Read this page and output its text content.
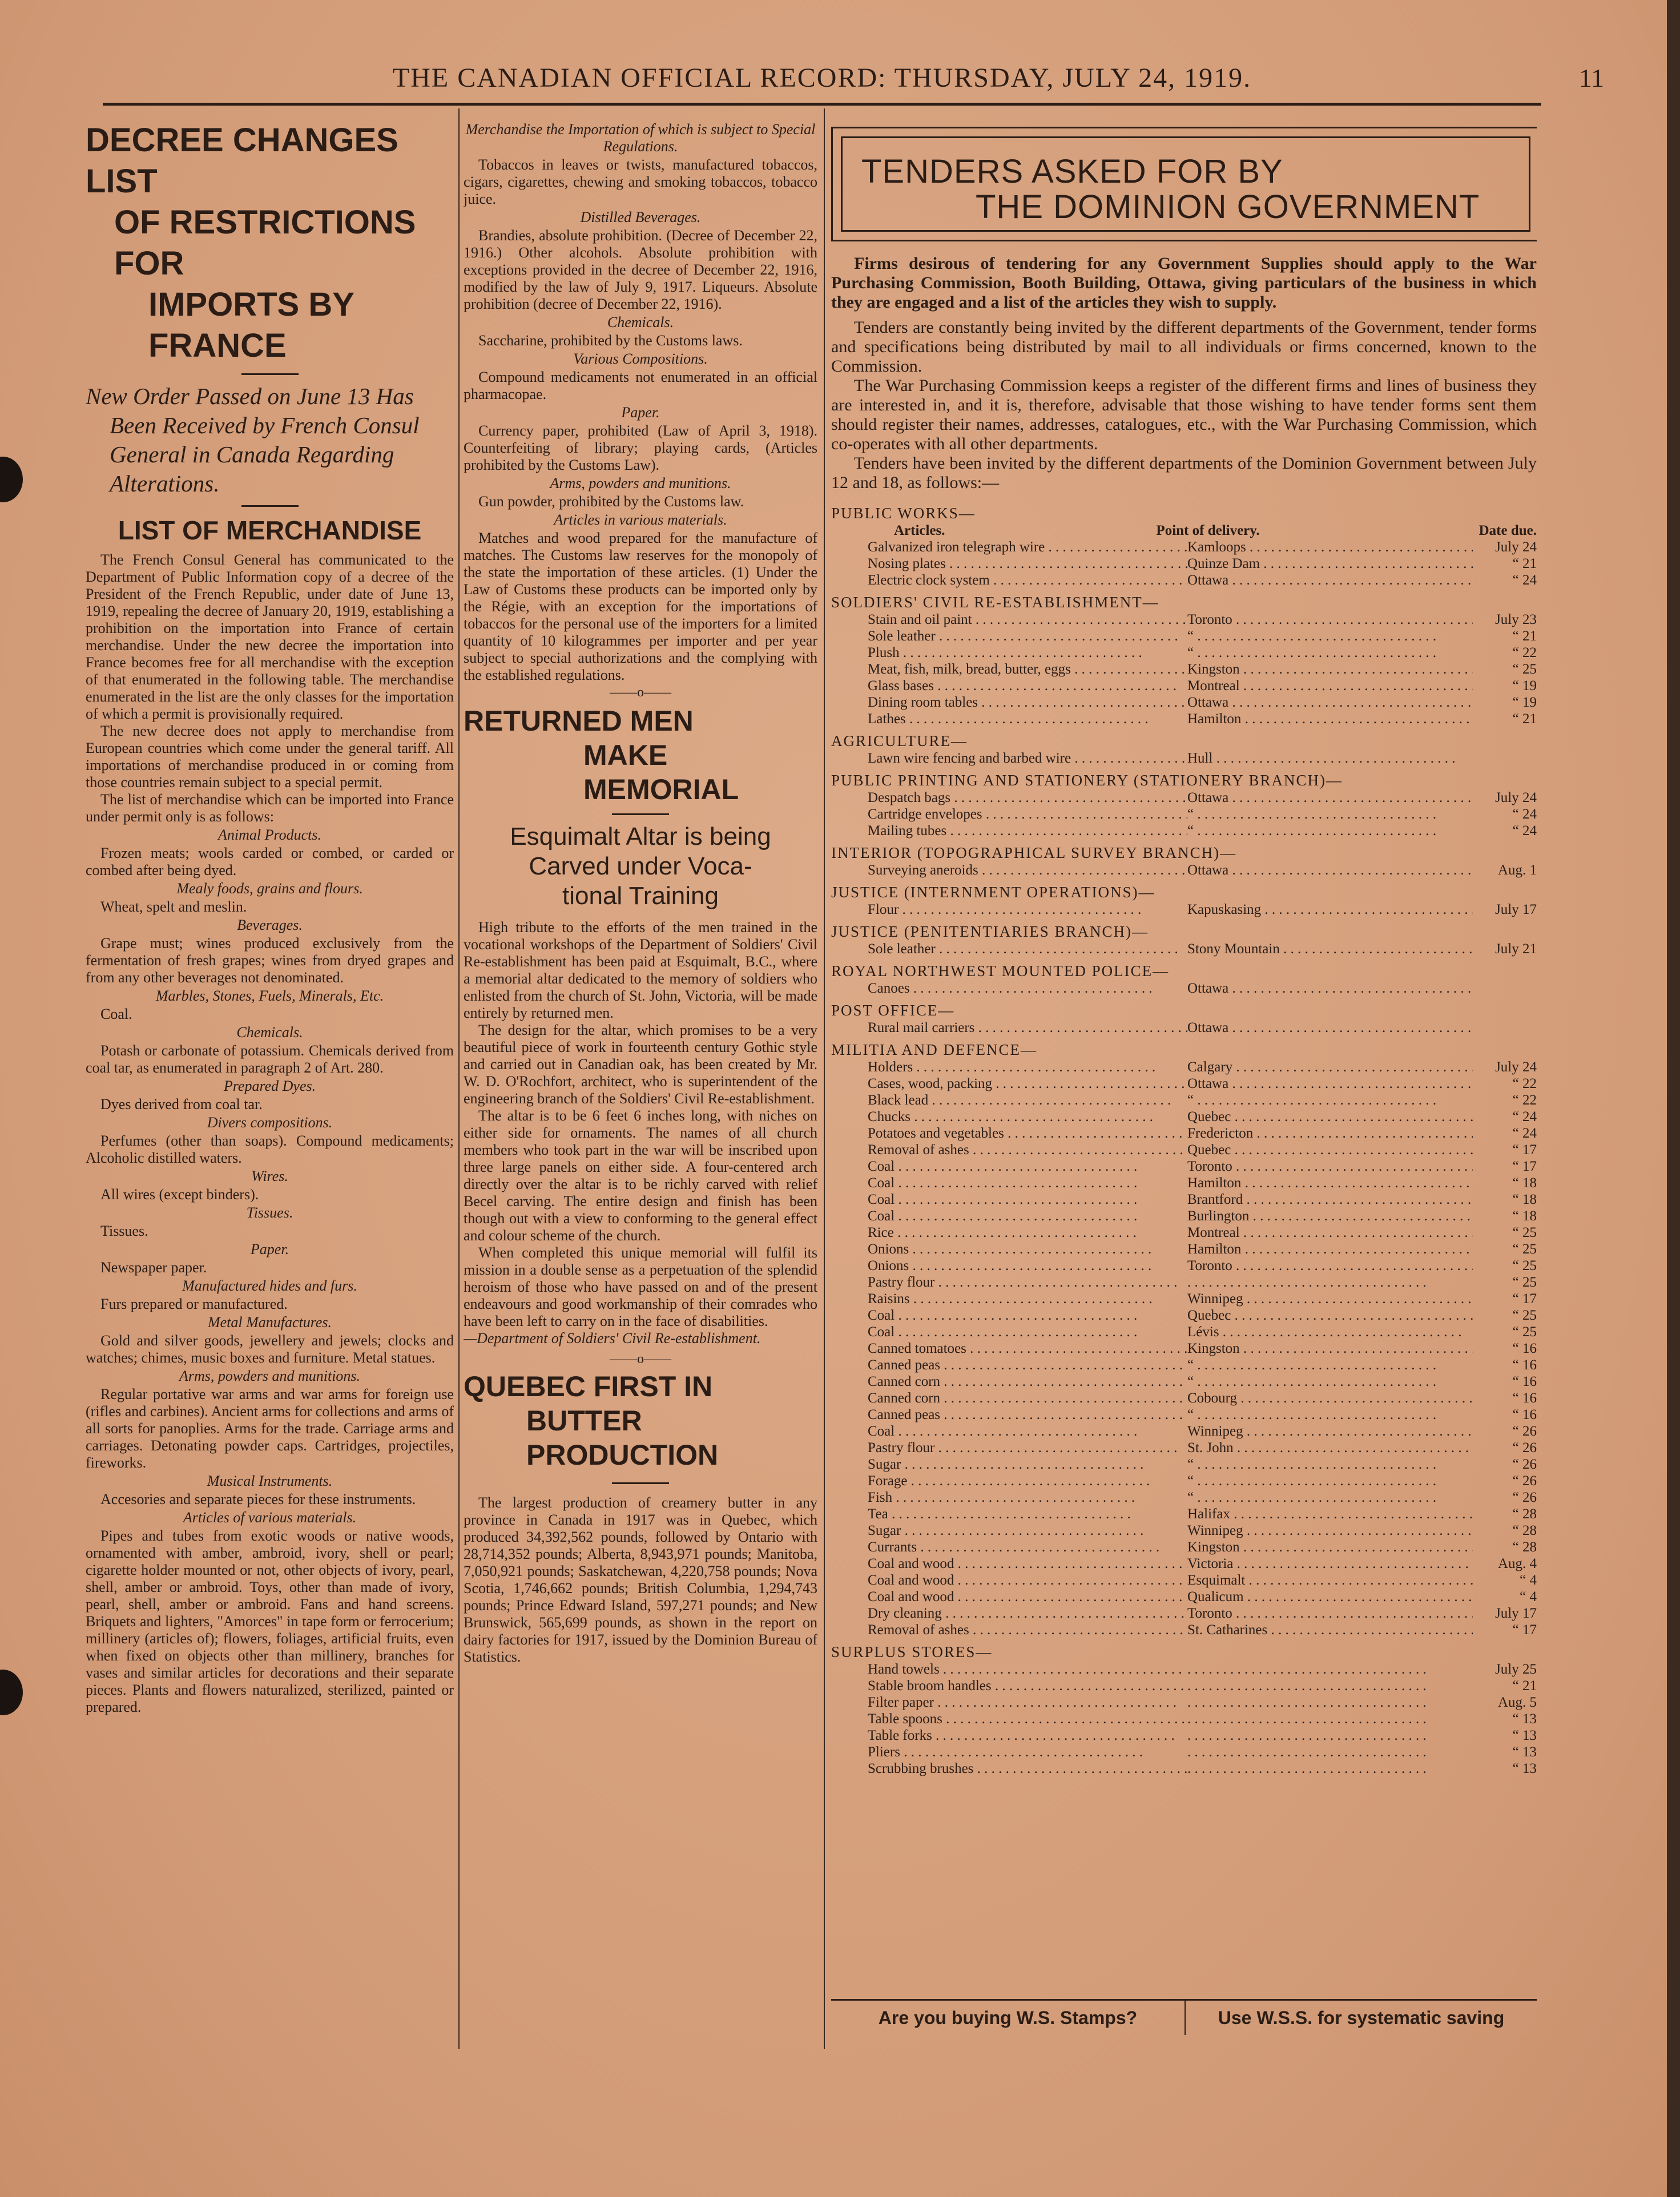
THE CANADIAN OFFICIAL RECORD: THURSDAY, JULY 24, 1919.	11
DECREE CHANGES LIST
OF RESTRICTIONS FOR
IMPORTS BY FRANCE
New Order Passed on June 13 Has Been Received by French Consul General in Canada Regarding Alterations.
LIST OF MERCHANDISE
The French Consul General has communicated to the Department of Public Information copy of a decree of the President of the French Republic, under date of June 13, 1919, repealing the decree of January 20, 1919, establishing a prohibition on the importation into France of certain merchandise. Under the new decree the importation into France becomes free for all merchandise with the exception of that enumerated in the following table. The merchandise enumerated in the list are the only classes for the importation of which a permit is provisionally required.
The new decree does not apply to merchandise from European countries which come under the general tariff. All importations of merchandise produced in or coming from those countries remain subject to a special permit.
The list of merchandise which can be imported into France under permit only is as follows:
Animal Products.
Frozen meats; wools carded or combed, or carded or combed after being dyed.
Mealy foods, grains and flours.
Wheat, spelt and meslin.
Beverages.
Grape must; wines produced exclusively from the fermentation of fresh grapes; wines from dryed grapes and from any other beverages not denominated.
Marbles, Stones, Fuels, Minerals, Etc.
Coal.
Chemicals.
Potash or carbonate of potassium. Chemicals derived from coal tar, as enumerated in paragraph 2 of Art. 280.
Prepared Dyes.
Dyes derived from coal tar.
Divers compositions.
Perfumes (other than soaps). Compound medicaments; Alcoholic distilled waters.
Wires.
All wires (except binders).
Tissues.
Tissues.
Paper.
Newspaper paper.
Manufactured hides and furs.
Furs prepared or manufactured.
Metal Manufactures.
Gold and silver goods, jewellery and jewels; clocks and watches; chimes, music boxes and furniture. Metal statues.
Arms, powders and munitions.
Regular portative war arms and war arms for foreign use (rifles and carbines). Ancient arms for collections and arms of all sorts for panoplies. Arms for the trade. Carriage arms and carriages. Detonating powder caps. Cartridges, projectiles, fireworks.
Musical Instruments.
Accesories and separate pieces for these instruments.
Articles of various materials.
Pipes and tubes from exotic woods or native woods, ornamented with amber, ambroid, ivory, shell or pearl; cigarette holder mounted or not, other objects of ivory, pearl, shell, amber or ambroid. Toys, other than made of ivory, pearl, shell, amber or ambroid. Fans and hand screens. Briquets and lighters, "Amorces" in tape form or ferrocerium; millinery (articles of); flowers, foliages, artificial fruits, even when fixed on objects other than millinery, branches for vases and similar articles for decorations and their separate pieces. Plants and flowers naturalized, sterilized, painted or prepared.
Merchandise the Importation of which is subject to Special Regulations.
Tobaccos in leaves or twists, manufactured tobaccos, cigars, cigarettes, chewing and smoking tobaccos, tobacco juice.
Distilled Beverages.
Brandies, absolute prohibition. (Decree of December 22, 1916.) Other alcohols. Absolute prohibition with exceptions provided in the decree of December 22, 1916, modified by the law of July 9, 1917. Liqueurs. Absolute prohibition (decree of December 22, 1916).
Chemicals.
Saccharine, prohibited by the Customs laws.
Various Compositions.
Compound medicaments not enumerated in an official pharmacopae.
Paper.
Currency paper, prohibited (Law of April 3, 1918). Counterfeiting of library; playing cards, (Articles prohibited by the Customs Law).
Arms, powders and munitions.
Gun powder, prohibited by the Customs law.
Articles in various materials.
Matches and wood prepared for the manufacture of matches. The Customs law reserves for the monopoly of the state the importation of these articles. (1) Under the Law of Customs these products can be imported only by the Régie, with an exception for the importations of tobaccos for the personal use of the importers for a limited quantity of 10 kilogrammes per importer and per year subject to special authorizations and the complying with the established regulations.
——o——
RETURNED MEN
MAKE MEMORIAL
Esquimalt Altar is being
Carved under Voca-
tional Training
High tribute to the efforts of the men trained in the vocational workshops of the Department of Soldiers' Civil Re-establishment has been paid at Esquimalt, B.C., where a memorial altar dedicated to the memory of soldiers who enlisted from the church of St. John, Victoria, will be made entirely by returned men.
The design for the altar, which promises to be a very beautiful piece of work in fourteenth century Gothic style and carried out in Canadian oak, has been created by Mr. W. D. O'Rochfort, architect, who is superintendent of the engineering branch of the Soldiers' Civil Re-establishment.
The altar is to be 6 feet 6 inches long, with niches on either side for ornaments. The names of all church members who took part in the war will be inscribed upon three large panels on either side. A four-centered arch directly over the altar is to be richly carved with relief Becel carving. The entire design and finish has been though out with a view to conforming to the general effect and colour scheme of the church.
When completed this unique memorial will fulfil its mission in a double sense as a perpetuation of the splendid heroism of those who have passed on and of the present endeavours and good workmanship of their comrades who have been left to carry on in the face of disabilities.
—Department of Soldiers' Civil Re-establishment.
——o——
QUEBEC FIRST IN
BUTTER PRODUCTION
The largest production of creamery butter in any province in Canada in 1917 was in Quebec, which produced 34,392,562 pounds, followed by Ontario with 28,714,352 pounds; Alberta, 8,943,971 pounds; Manitoba, 7,050,921 pounds; Saskatchewan, 4,220,758 pounds; Nova Scotia, 1,746,662 pounds; British Columbia, 1,294,743 pounds; Prince Edward Island, 597,271 pounds; and New Brunswick, 565,699 pounds, as shown in the report on dairy factories for 1917, issued by the Dominion Bureau of Statistics.
TENDERS ASKED FOR BY
THE DOMINION GOVERNMENT
Firms desirous of tendering for any Government Supplies should apply to the War Purchasing Commission, Booth Building, Ottawa, giving particulars of the business in which they are engaged and a list of the articles they wish to supply.
Tenders are constantly being invited by the different departments of the Government, tender forms and specifications being distributed by mail to all individuals or firms concerned, known to the Commission.
The War Purchasing Commission keeps a register of the different firms and lines of business they are interested in, and it is, therefore, advisable that those wishing to have tender forms sent them should register their names, addresses, catalogues, etc., with the War Purchasing Commission, which co-operates with all other departments.
Tenders have been invited by the different departments of the Dominion Government between July 12 and 18, as follows:—
PUBLIC WORKS—
Articles.	Point of delivery.	Date due.
Galvanized iron telegraph wire . . .	Kamloops . . .	July 24
Nosing plates . . .	Quinze Dam . . .	“ 21
Electric clock system . . .	Ottawa . . .	“ 24
SOLDIERS' CIVIL RE-ESTABLISHMENT—
Stain and oil paint . . .	Toronto . . .	July 23
Sole leather . . .	“ . . .	“ 21
Plush . . .	“ . . .	“ 22
Meat, fish, milk, bread, butter, eggs . . .	Kingston . . .	“ 25
Glass bases . . .	Montreal . . .	“ 19
Dining room tables . . .	Ottawa . . .	“ 19
Lathes . . .	Hamilton . . .	“ 21
AGRICULTURE—
Lawn wire fencing and barbed wire . . .	Hull . . .
PUBLIC PRINTING AND STATIONERY (STATIONERY BRANCH)—
Despatch bags . . .	Ottawa . . .	July 24
Cartridge envelopes . . .	“ . . .	“ 24
Mailing tubes . . .	“ . . .	“ 24
INTERIOR (TOPOGRAPHICAL SURVEY BRANCH)—
Surveying aneroids . . .	Ottawa . . .	Aug. 1
JUSTICE (INTERNMENT OPERATIONS)—
Flour . . .	Kapuskasing . . .	July 17
JUSTICE (PENITENTIARIES BRANCH)—
Sole leather . . .	Stony Mountain . . .	July 21
ROYAL NORTHWEST MOUNTED POLICE—
Canoes . . .	Ottawa . . .
POST OFFICE—
Rural mail carriers . . .	Ottawa . . .
MILITIA AND DEFENCE—
Holders . . .	Calgary . . .	July 24
Cases, wood, packing . . .	Ottawa . . .	“ 22
Black lead . . .	“ . . .	“ 22
Chucks . . .	Quebec . . .	“ 24
Potatoes and vegetables . . .	Fredericton . . .	“ 24
Removal of ashes . . .	Quebec . . .	“ 17
Coal . . .	Toronto . . .	“ 17
Coal . . .	Hamilton . . .	“ 18
Coal . . .	Brantford . . .	“ 18
Coal . . .	Burlington . . .	“ 18
Rice . . .	Montreal . . .	“ 25
Onions . . .	Hamilton . . .	“ 25
Onions . . .	Toronto . . .	“ 25
Pastry flour . . . . . .	“ 25
Raisins . . .	Winnipeg . . .	“ 17
Coal . . .	Quebec . . .	“ 25
Coal . . .	Lévis . . .	“ 25
Canned tomatoes . . .	Kingston . . .	“ 16
Canned peas . . .	“ . . .	“ 16
Canned corn . . .	“ . . .	“ 16
Canned corn . . .	Cobourg . . .	“ 16
Canned peas . . .	“ . . .	“ 16
Coal . . .	Winnipeg . . .	“ 26
Pastry flour . . .	St. John . . .	“ 26
Sugar . . .	“ . . .	“ 26
Forage . . .	“ . . .	“ 26
Fish . . .	“ . . .	“ 26
Tea . . .	Halifax . . .	“ 28
Sugar . . .	Winnipeg . . .	“ 28
Currants . . .	Kingston . . .	“ 28
Coal and wood . . .	Victoria . . .	Aug. 4
Coal and wood . . .	Esquimalt . . .	“ 4
Coal and wood . . .	Qualicum . . .	“ 4
Dry cleaning . . .	Toronto . . .	July 17
Removal of ashes . . .	St. Catharines . . .	“ 17
SURPLUS STORES—
Hand towels . . . . . .	July 25
Stable broom handles . . . . . .	“ 21
Filter paper . . . . . .	Aug. 5
Table spoons . . . . . .	“ 13
Table forks . . . . . .	“ 13
Pliers . . . . . .	“ 13
Scrubbing brushes . . . . . .	“ 13
Are you buying W.S. Stamps?	Use W.S.S. for systematic saving
